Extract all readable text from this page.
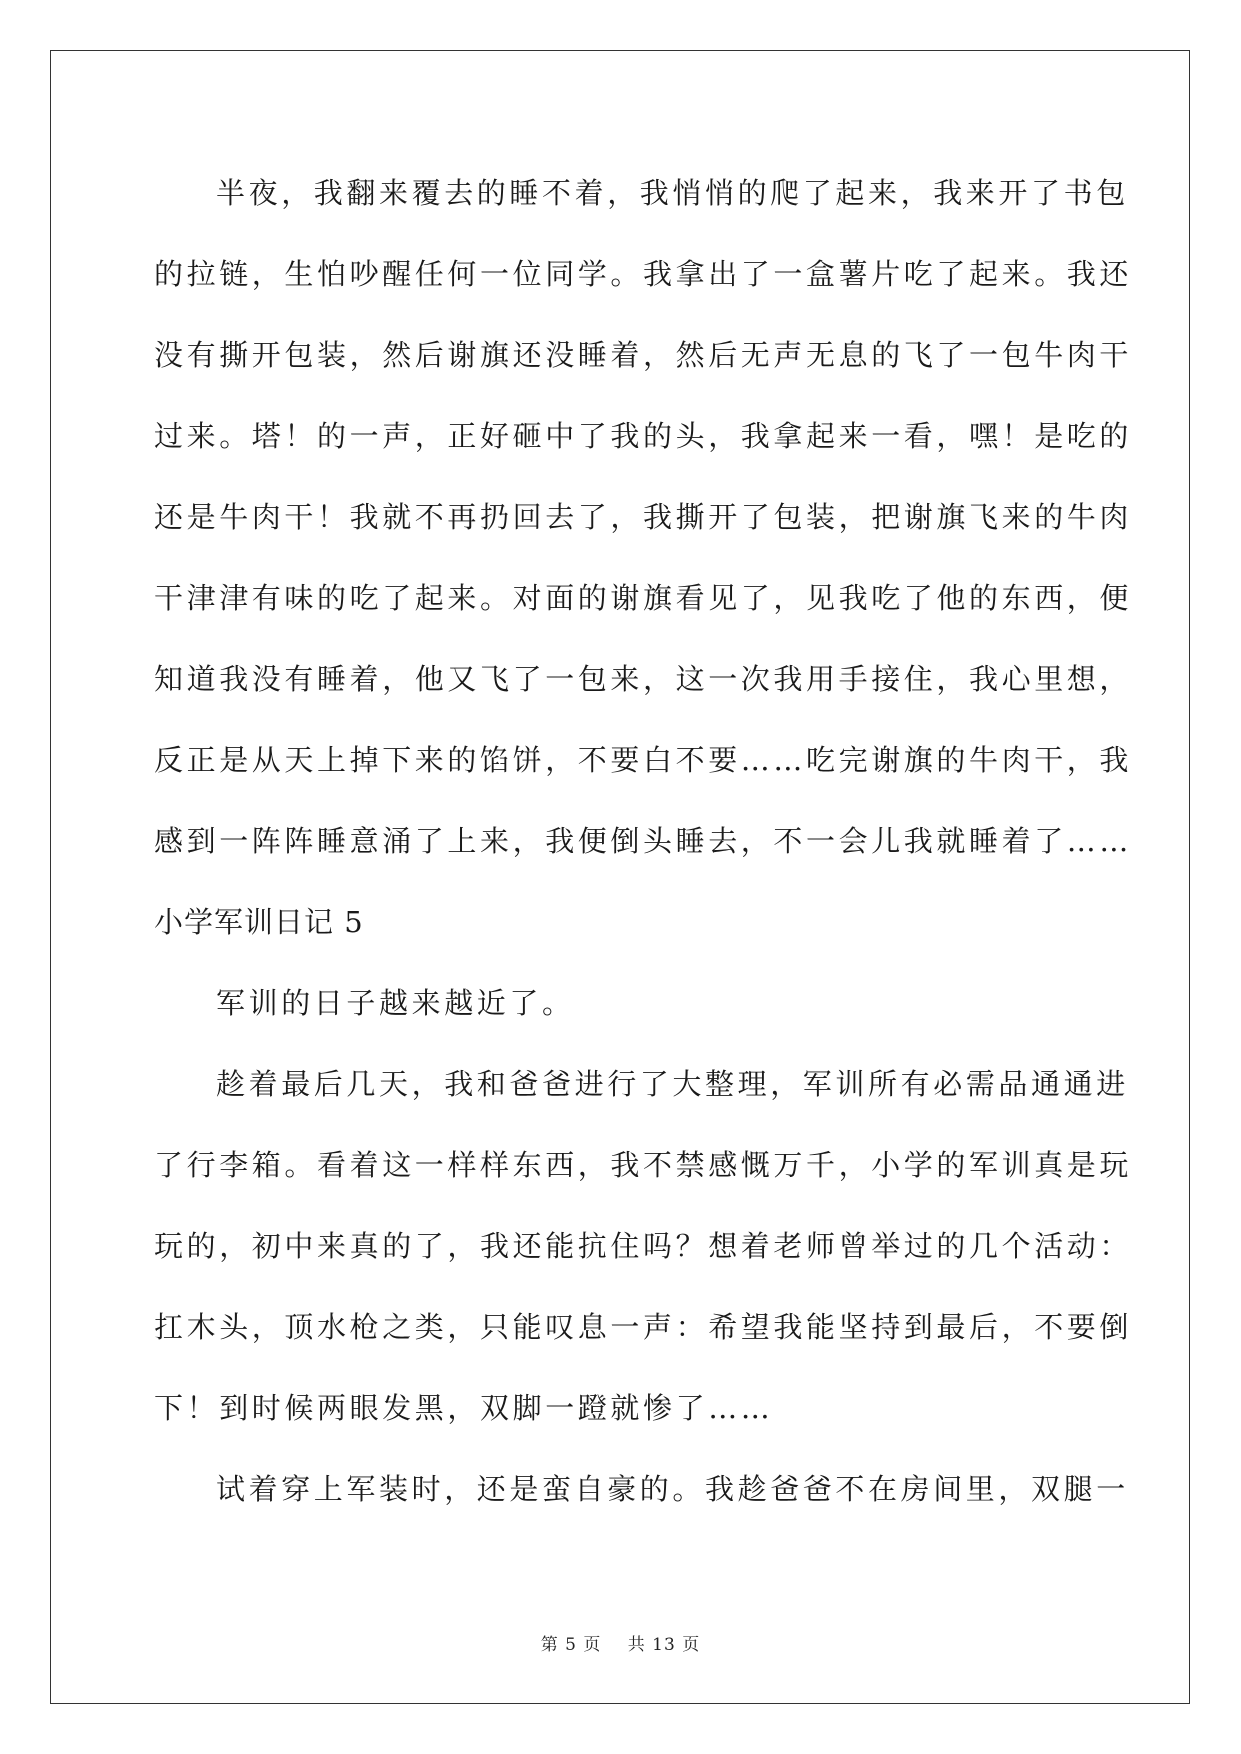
半夜，我翻来覆去的睡不着，我悄悄的爬了起来，我来开了书包
的拉链，生怕吵醒任何一位同学。我拿出了一盒薯片吃了起来。我还
没有撕开包装，然后谢旗还没睡着，然后无声无息的飞了一包牛肉干
过来。塔！的一声，正好砸中了我的头，我拿起来一看，嘿！是吃的
还是牛肉干！我就不再扔回去了，我撕开了包装，把谢旗飞来的牛肉
干津津有味的吃了起来。对面的谢旗看见了，见我吃了他的东西，便
知道我没有睡着，他又飞了一包来，这一次我用手接住，我心里想，
反正是从天上掉下来的馅饼，不要白不要……吃完谢旗的牛肉干，我
感到一阵阵睡意涌了上来，我便倒头睡去，不一会儿我就睡着了……
小学军训日记 5
军训的日子越来越近了。
趁着最后几天，我和爸爸进行了大整理，军训所有必需品通通进
了行李箱。看着这一样样东西，我不禁感慨万千，小学的军训真是玩
玩的，初中来真的了，我还能抗住吗？想着老师曾举过的几个活动：
扛木头，顶水枪之类，只能叹息一声：希望我能坚持到最后，不要倒
下！到时候两眼发黑，双脚一蹬就惨了……
试着穿上军装时，还是蛮自豪的。我趁爸爸不在房间里，双腿一
第 5 页 共 13 页
